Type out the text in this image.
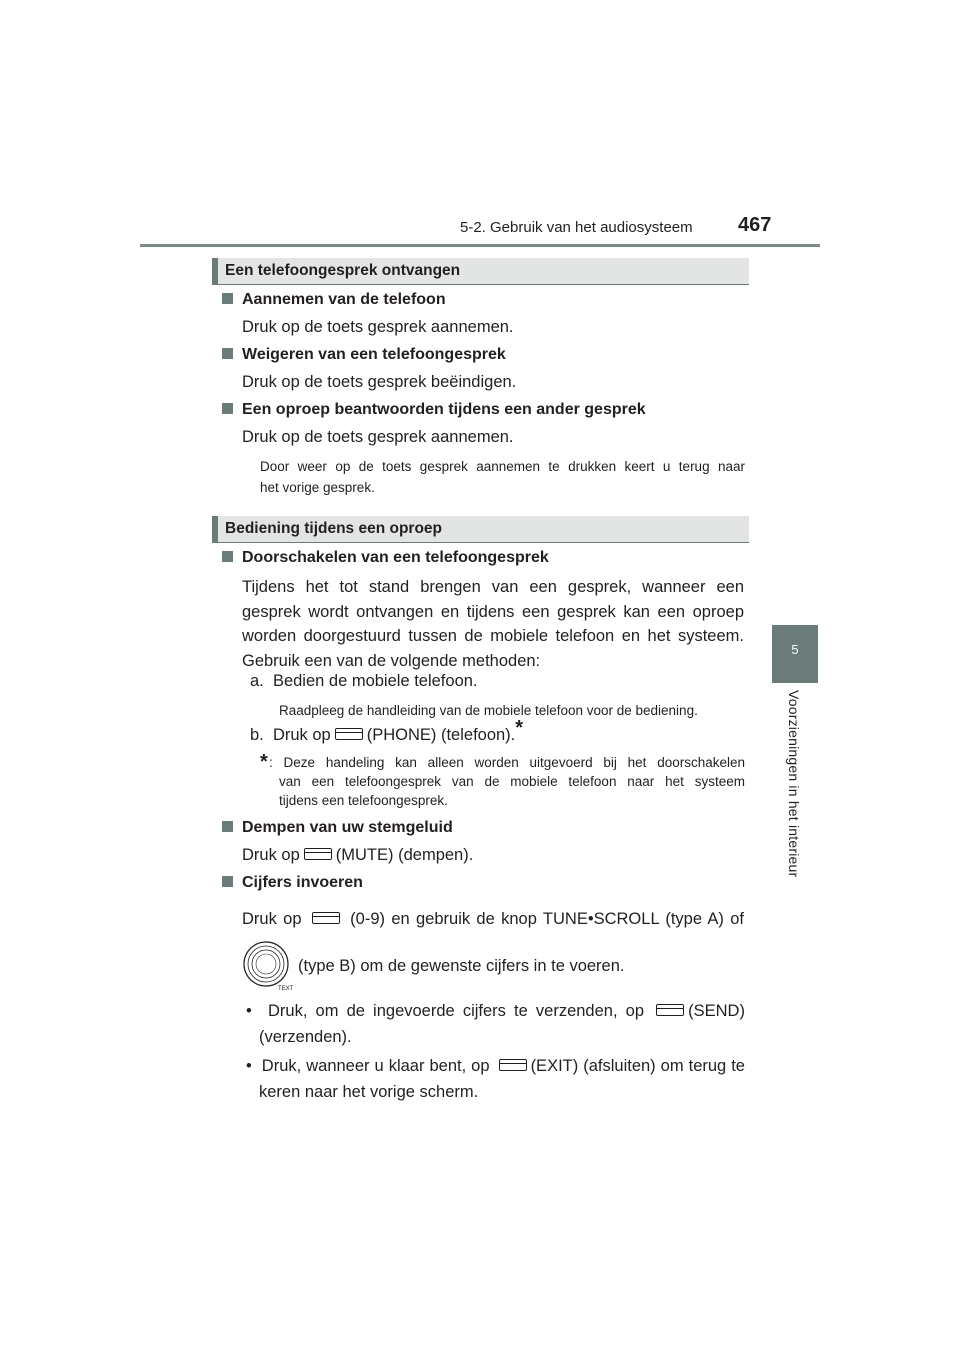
5-2. Gebruik van het audiosysteem 467
5
Voorzieningen in het interieur
Een telefoongesprek ontvangen
Aannemen van de telefoon
Druk op de toets gesprek aannemen.
Weigeren van een telefoongesprek
Druk op de toets gesprek beëindigen.
Een oproep beantwoorden tijdens een ander gesprek
Druk op de toets gesprek aannemen.
Door weer op de toets gesprek aannemen te drukken keert u terug naar
het vorige gesprek.
Bediening tijdens een oproep
Doorschakelen van een telefoongesprek
Tijdens het tot stand brengen van een gesprek, wanneer een
gesprek wordt ontvangen en tijdens een gesprek kan een oproep
worden doorgestuurd tussen de mobiele telefoon en het systeem.
Gebruik een van de volgende methoden:
a. Bedien de mobiele telefoon.
Raadpleeg de handleiding van de mobiele telefoon voor de bediening.
b. Druk op (PHONE) (telefoon).*
* : Deze handeling kan alleen worden uitgevoerd bij het doorschakelen
van een telefoongesprek van de mobiele telefoon naar het systeem
tijdens een telefoongesprek.
Dempen van uw stemgeluid
Druk op (MUTE) (dempen).
Cijfers invoeren
Druk op	(0-9) en gebruik de knop TUNE•SCROLL (type A) of
TEXT
(type B) om de gewenste cijfers in te voeren.
• Druk, om de ingevoerde cijfers te verzenden, op	(SEND)
(verzenden).
• Druk, wanneer u klaar bent, op (EXIT) (afsluiten) om terug te
keren naar het vorige scherm.
